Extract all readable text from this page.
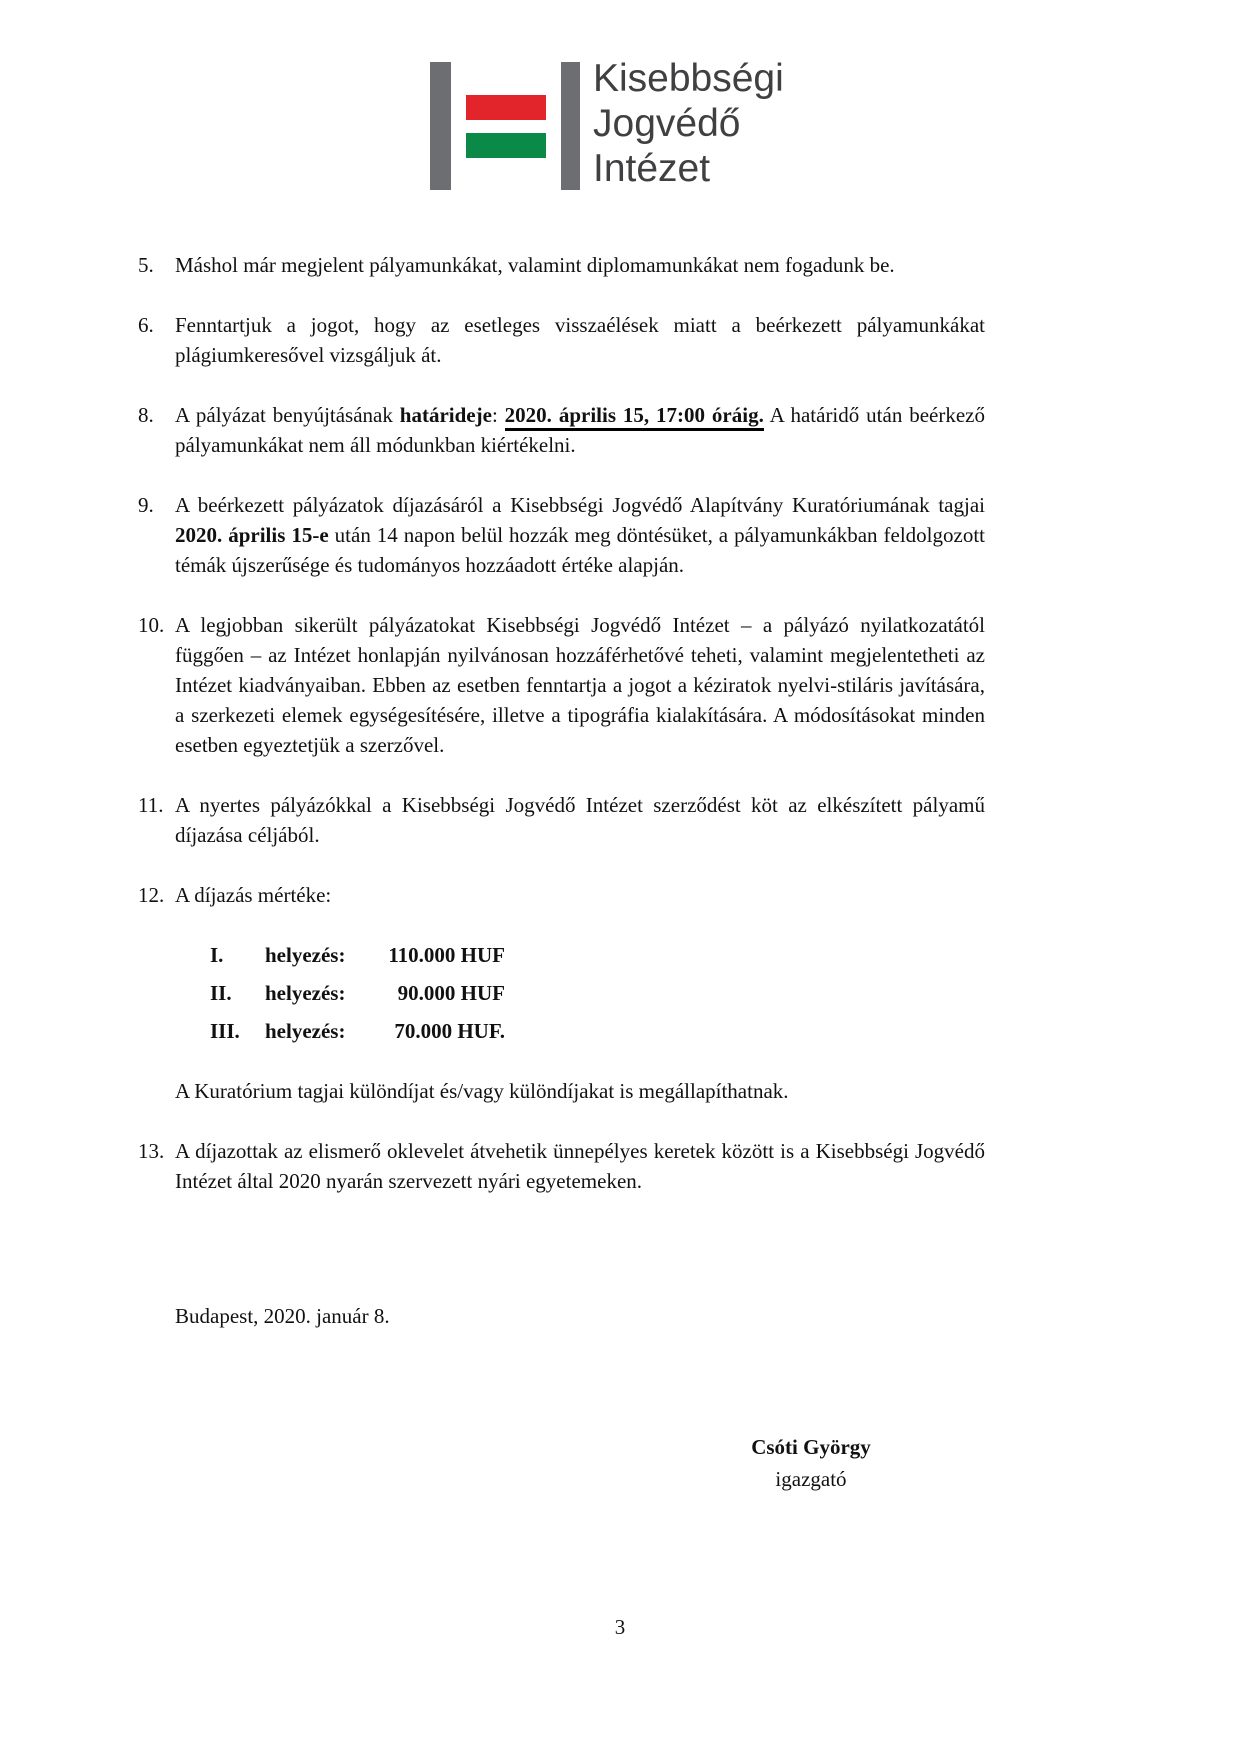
Kisebbségi
Jogvédő
Intézet
5.	Máshol már megjelent pályamunkákat, valamint diplomamunkákat nem fogadunk be.
6.	Fenntartjuk a jogot, hogy az esetleges visszaélések miatt a beérkezett pályamunkákat plágiumkeresővel vizsgáljuk át.
8.	A pályázat benyújtásának határideje: 2020. április 15, 17:00 óráig. A határidő után beérkező pályamunkákat nem áll módunkban kiértékelni.
9.	A beérkezett pályázatok díjazásáról a Kisebbségi Jogvédő Alapítvány Kuratóriumának tagjai 2020. április 15-e után 14 napon belül hozzák meg döntésüket, a pályamunkákban feldolgozott témák újszerűsége és tudományos hozzáadott értéke alapján.
10. A legjobban sikerült pályázatokat Kisebbségi Jogvédő Intézet – a pályázó nyilatkozatától függően – az Intézet honlapján nyilvánosan hozzáférhetővé teheti, valamint megjelentetheti az Intézet kiadványaiban. Ebben az esetben fenntartja a jogot a kéziratok nyelvi-stiláris javítására, a szerkezeti elemek egységesítésére, illetve a tipográfia kialakítására. A módosításokat minden esetben egyeztetjük a szerzővel.
11. A nyertes pályázókkal a Kisebbségi Jogvédő Intézet szerződést köt az elkészített pályamű díjazása céljából.
12. A díjazás mértéke:
I.	helyezés:	110.000 HUF
II.	helyezés:	90.000 HUF
III.	helyezés:	70.000 HUF.
A Kuratórium tagjai különdíjat és/vagy különdíjakat is megállapíthatnak.
13. A díjazottak az elismerő oklevelet átvehetik ünnepélyes keretek között is a Kisebbségi Jogvédő Intézet által 2020 nyarán szervezett nyári egyetemeken.
Budapest, 2020. január 8.
Csóti György
igazgató
3
